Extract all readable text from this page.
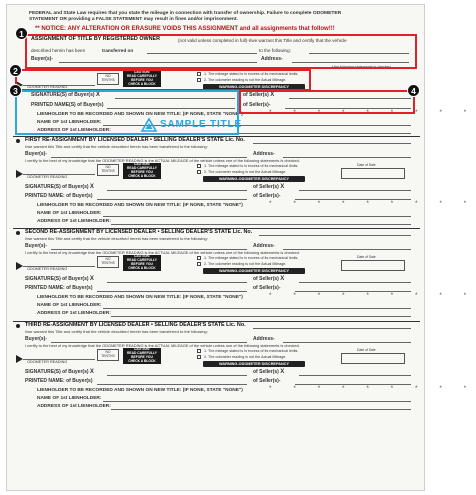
FEDERAL and State Law requires that you state the mileage in connection with transfer of ownership. Failure to complete ODOMETER
STATEMENT OR providing a FALSE STATEMENT may result in fines and/or imprisonment.
** NOTICE: ANY ALTERATION OR ERASURE VOIDS THIS ASSIGNMENT and all assignments that follow!!!
ASSIGNMENT OF TITLE BY REGISTERED OWNER	(not valid unless completed in full)-I/we warrant this Title and certify that the vehicle
described herein has been	transferred on	to the following:
Buyer(s)-	Address-
f the following statements is checked.
ODOMETER READING
NO
TENTHS
CAUTION:
READ CAREFULLY
BEFORE YOU
CHECK A BLOCK
1. The mileage stated is in excess of its mechanical limits.
2. The odometer reading is not the Actual Mileage.
WARNING-ODOMETER DISCREPANCY
SIGNATURE(S) of Buyer(s) X	of Seller(s) X
PRINTED NAME(S) of Buyer(s)	of Seller(s)-
LIENHOLDER TO BE RECORDED AND SHOWN ON NEW TITLE: (IF NONE, STATE "NONE")	* * * * * * * * *
NAME OF 1st LIENHOLDER:
ADDRESS OF 1st LIENHOLDER:
FIRST RE-ASSIGNMENT BY LICENSED DEALER • SELLING DEALER'S STATE Lic. No.
I/we warrant this Title and certify that the vehicle described herein has been transferred to the following:
Buyer(s)-	Address-
I certify to the best of my knowledge that the ODOMETER READING is the ACTUAL MILEAGE of the vehicle unless one of the following statements is checked.
NO
TENTHS
CAUTION:
READ CAREFULLY
BEFORE YOU
CHECK A BLOCK
1. The mileage stated is in excess of its mechanical limits.
2. The odometer reading is not the Actual Mileage.
WARNING-ODOMETER DISCREPANCY
Date of Sale
ODOMETER READING
SIGNATURE(S) of Buyer(s) X	of Seller(s) X
PRINTED NAME: of Buyer(s)	of Seller(s)-
LIENHOLDER TO BE RECORDED AND SHOWN ON NEW TITLE: (IF NONE, STATE "NONE")	* * * * * * * * *
NAME OF 1st LIENHOLDER:
ADDRESS OF 1st LIENHOLDER:
SECOND RE-ASSIGNMENT BY LICENSED DEALER • SELLING DEALER'S STATE Lic. No.
I/we warrant this Title and certify that the vehicle described herein has been transferred to the following:
Buyer(s)-	Address-
I certify to the best of my knowledge that the ODOMETER READING is the ACTUAL MILEAGE of the vehicle unless one of the following statements is checked.
NO
TENTHS
CAUTION:
READ CAREFULLY
BEFORE YOU
CHECK A BLOCK
1. The mileage stated is in excess of its mechanical limits.
2. The odometer reading is not the Actual Mileage.
WARNING-ODOMETER DISCREPANCY
Date of Sale
ODOMETER READING
SIGNATURE(S) of Buyer(s) X	of Seller(s) X
PRINTED NAME: of Buyer(s)	of Seller(s)-
LIENHOLDER TO BE RECORDED AND SHOWN ON NEW TITLE: (IF NONE, STATE "NONE")	* * * * * * * * *
NAME OF 1st LIENHOLDER:
ADDRESS OF 1st LIENHOLDER:
THIRD RE-ASSIGNMENT BY LICENSED DEALER • SELLING DEALER'S STATE Lic. No.
I/we warrant this Title and certify that the vehicle described herein has been transferred to the following:
Buyer(s)-	Address-
I certify to the best of my knowledge that the ODOMETER READING is the ACTUAL MILEAGE of the vehicle unless one of the following statements is checked.
NO
TENTHS
CAUTION:
READ CAREFULLY
BEFORE YOU
CHECK A BLOCK
1. The mileage stated is in excess of its mechanical limits.
2. The odometer reading is not the Actual Mileage.
WARNING-ODOMETER DISCREPANCY
Date of Sale
ODOMETER READING
SIGNATURE(S) of Buyer(s) X	of Seller(s) X
PRINTED NAME: of Buyer(s)	of Seller(s)-
LIENHOLDER TO BE RECORDED AND SHOWN ON NEW TITLE: (IF NONE, STATE "NONE")	* * * * * * * * *
NAME OF 1st LIENHOLDER:
ADDRESS OF 1st LIENHOLDER:
1
2
3	4
SAMPLE TITLE
